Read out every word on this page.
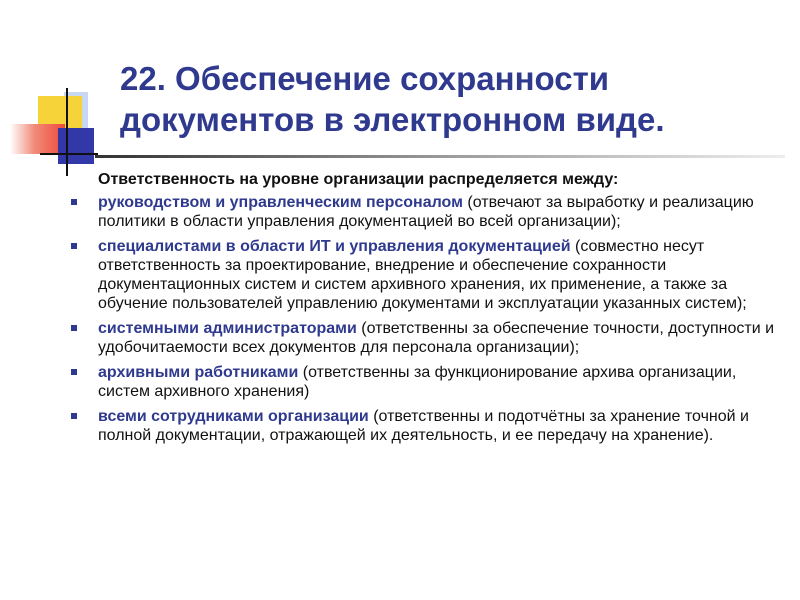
22. Обеспечение сохранности
документов в электронном виде.
Ответственность на уровне организации распределяется между:
руководством и управленческим персоналом (отвечают за выработку и реализацию политики в области управления документацией во всей организации);
специалистами в области ИТ и управления документацией (совместно несут ответственность за проектирование, внедрение и обеспечение сохранности документационных систем и систем архивного хранения, их применение, а также за обучение пользователей управлению документами и эксплуатации указанных систем);
системными администраторами (ответственны за обеспечение точности, доступности и удобочитаемости всех документов для персонала организации);
архивными работниками (ответственны за функционирование архива организации, систем архивного хранения)
всеми сотрудниками организации (ответственны и подотчётны за хранение точной и полной документации, отражающей их деятельность, и ее передачу на хранение).
